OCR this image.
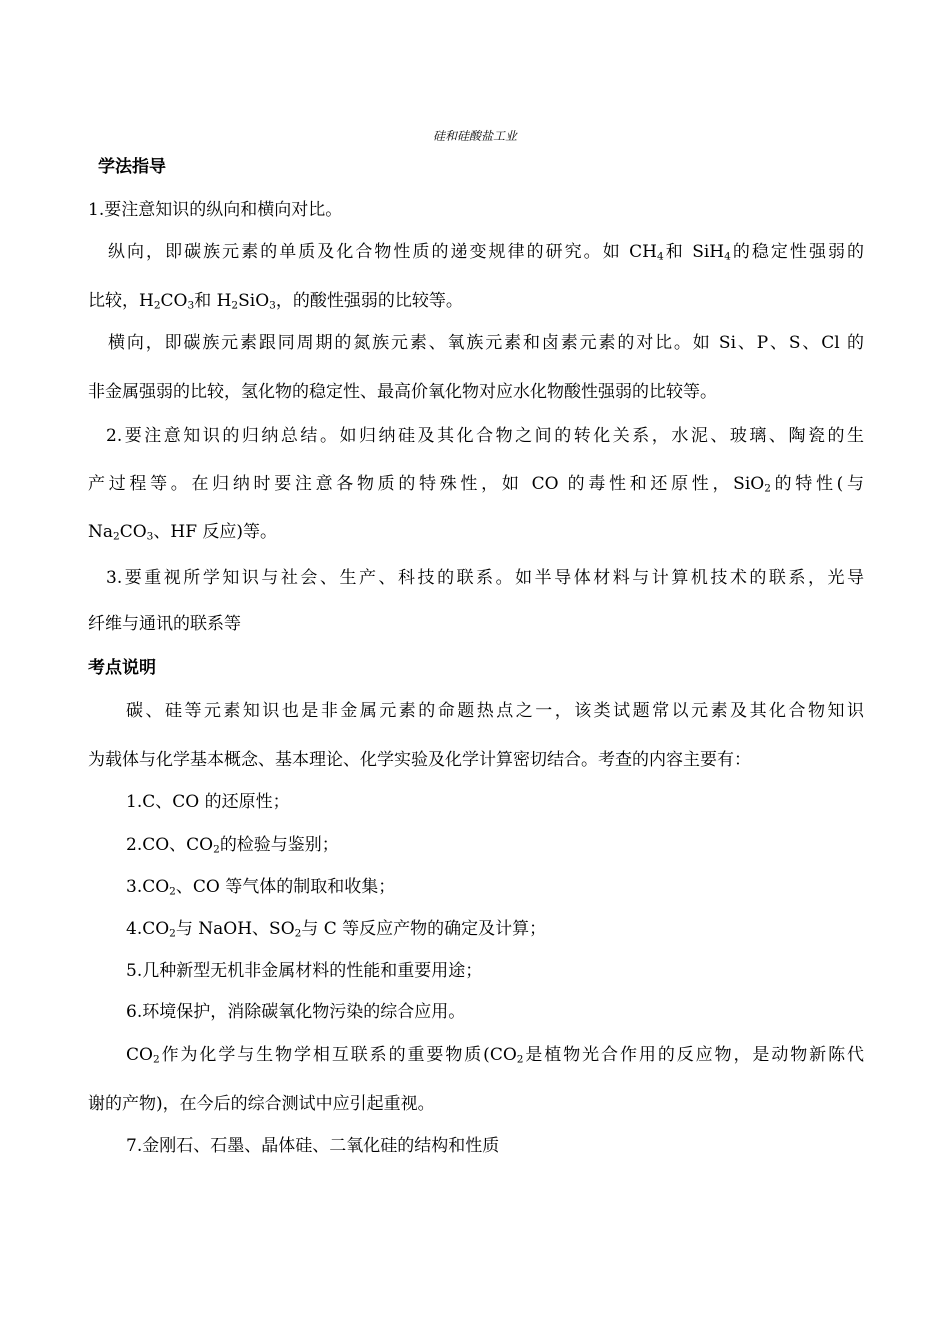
硅和硅酸盐工业

学法指导

1.要注意知识的纵向和横向对比。

纵向，即碳族元素的单质及化合物性质的递变规律的研究。如 $CH_4$和 SiH$_4$的稳定性强弱的

比较，$H_2CO_3$和 $H_2SiO_3$，的酸性强弱的比较等。

横向，即碳族元素跟同周期的氮族元素、氧族元素和卤素元素的对比。如 Si、P、S、Cl 的

非金属强弱的比较，氢化物的稳定性、最高价氧化物对应水化物酸性强弱的比较等。

2.要注意知识的归纳总结。如归纳硅及其化合物之间的转化关系，水泥、玻璃、陶瓷的生

产过程等。在归纳时要注意各物质的特殊性，如 CO 的毒性和还原性，SiO$_2$的特性(与

$Na_2CO_3$、HF 反应)等。

3.要重视所学知识与社会、生产、科技的联系。如半导体材料与计算机技术的联系，光导

纤维与通讯的联系等

考点说明

碳、硅等元素知识也是非金属元素的命题热点之一，该类试题常以元素及其化合物知识

为载体与化学基本概念、基本理论、化学实验及化学计算密切结合。考查的内容主要有：

1.C、CO 的还原性；

2.CO、$CO_2$的检验与鉴别；

$3.CO_2$、CO 等气体的制取和收集；

$4.CO_2$与 NaOH、$SO_2$与 C 等反应产物的确定及计算；

5.几种新型无机非金属材料的性能和重要用途；

6.环境保护，消除碳氧化物污染的综合应用。

$CO_2$作为化学与生物学相互联系的重要物质($CO_2$是植物光合作用的反应物，是动物新陈代

谢的产物)，在今后的综合测试中应引起重视。

7.金刚石、石墨、晶体硅、二氧化硅的结构和性质
